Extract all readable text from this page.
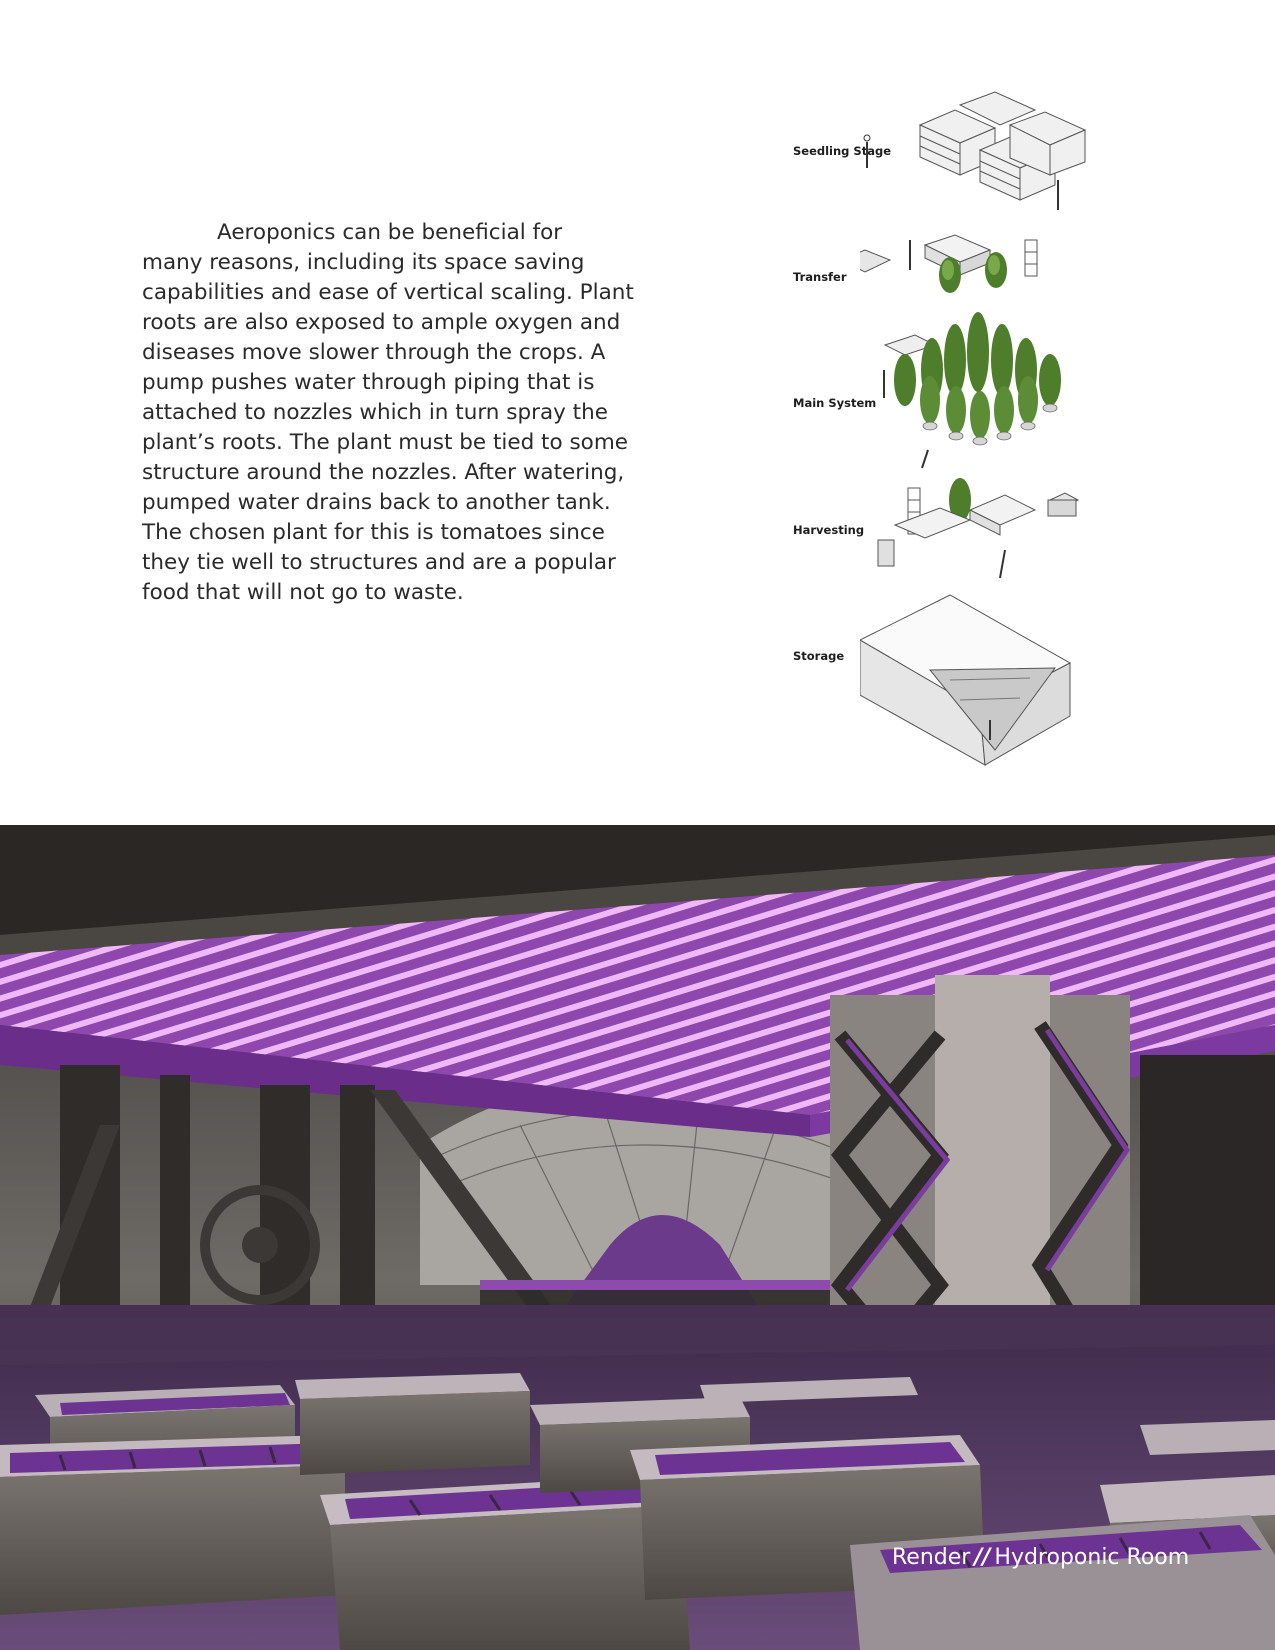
Aeroponics can be beneficial for
many reasons, including its space saving
capabilities and ease of vertical scaling. Plant
roots are also exposed to ample oxygen and
diseases move slower through the crops. A
pump pushes water through piping that is
attached to nozzles which in turn spray the
plant’s roots. The plant must be tied to some
structure around the nozzles. After watering,
pumped water drains back to another tank.
The chosen plant for this is tomatoes since
they tie well to structures and are a popular
food that will not go to waste.
Seedling Stage
Transfer
Main System
Harvesting
Storage
Render // Hydroponic Room
